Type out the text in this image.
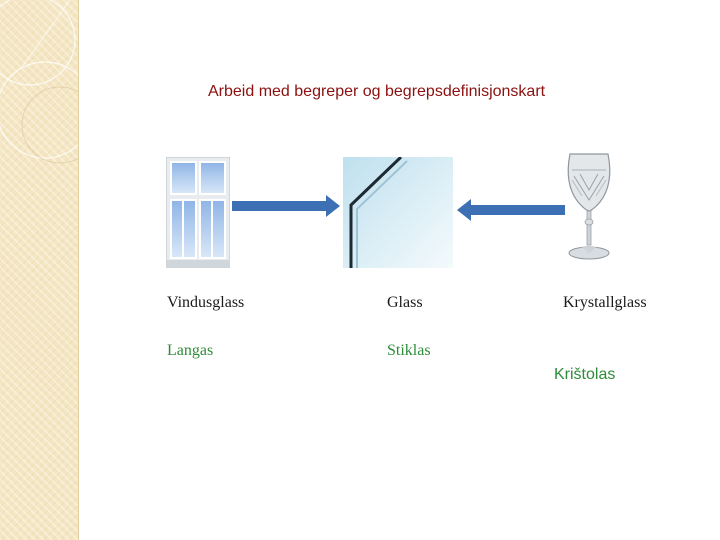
Arbeid med begreper og begrepsdefinisjonskart
Vindusglass	Glass	Krystallglass
Langas	Stiklas
Krištolas
